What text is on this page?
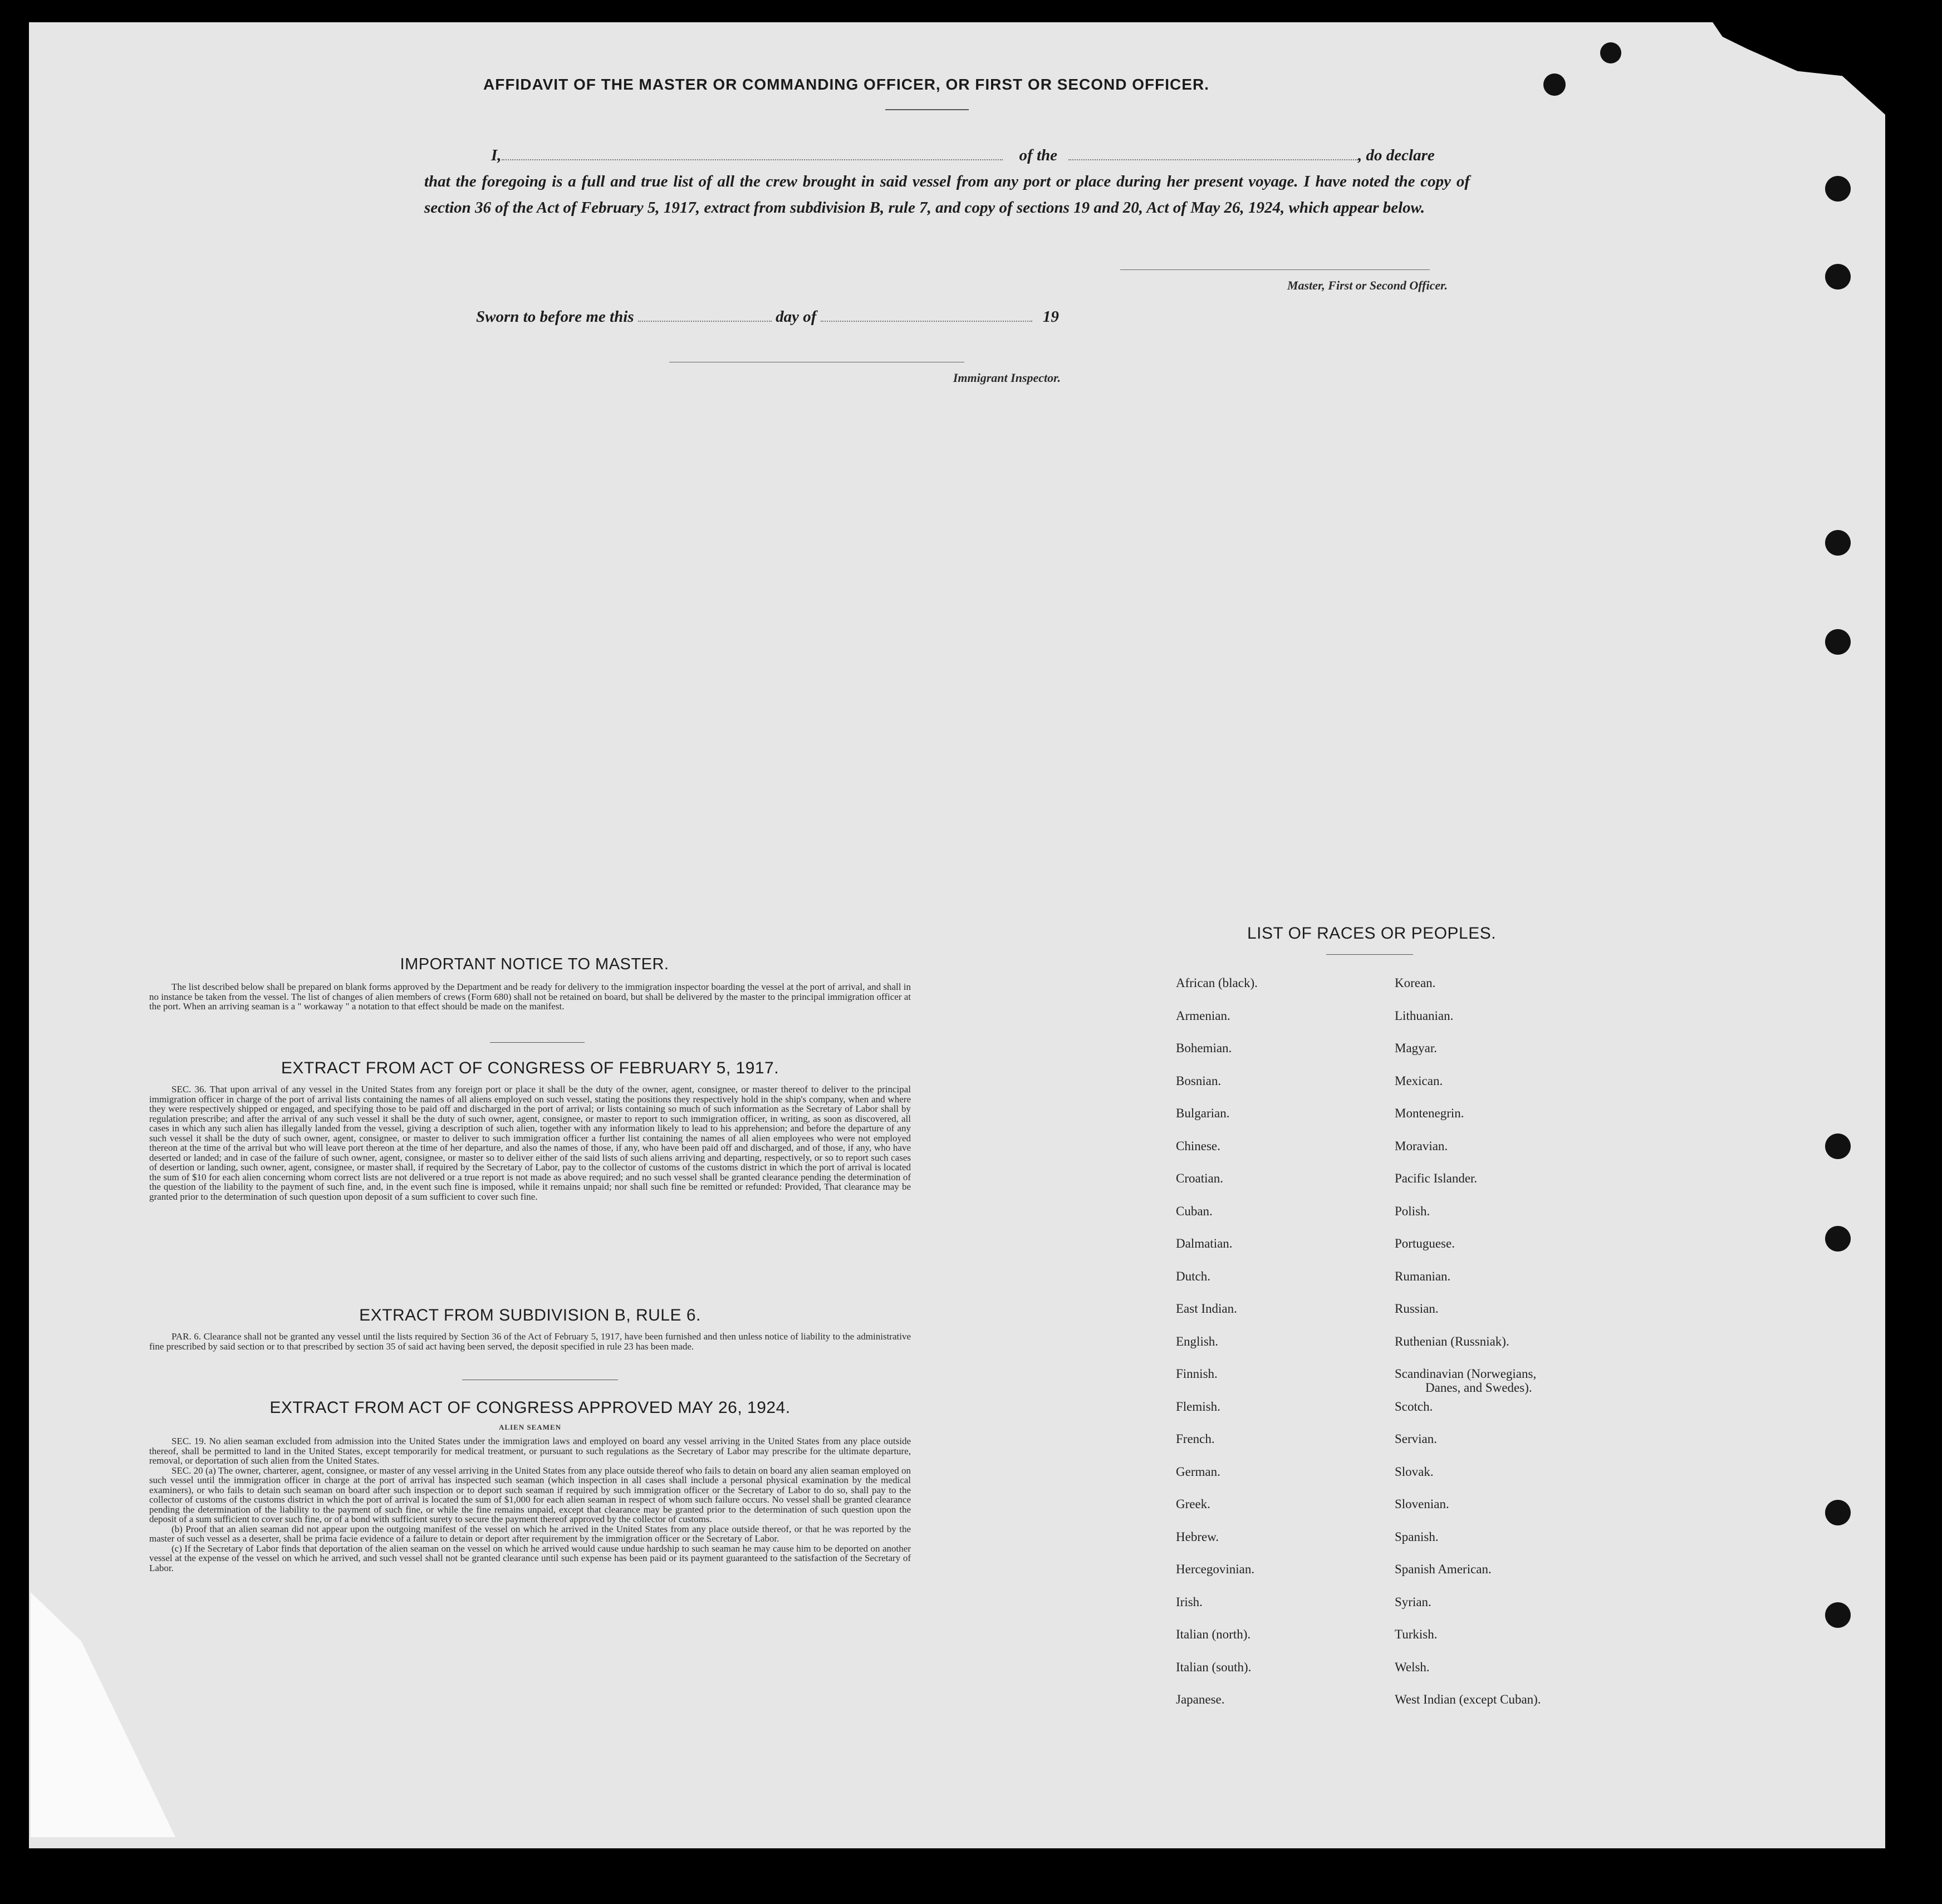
AFFIDAVIT OF THE MASTER OR COMMANDING OFFICER, OR FIRST OR SECOND OFFICER.
I,	of the	, do declare
that the foregoing is a full and true list of all the crew brought in said vessel from any port or place during her present voyage. I have noted the copy of section 36 of the Act of February 5, 1917, extract from subdivision B, rule 7, and copy of sections 19 and 20, Act of May 26, 1924, which appear below.
Master, First or Second Officer.
Sworn to before me this	day of	19
Immigrant Inspector.
IMPORTANT NOTICE TO MASTER.

The list described below shall be prepared on blank forms approved by the Department and be ready for delivery to the immigration inspector boarding the vessel at the port of arrival, and shall in no instance be taken from the vessel. The list of changes of alien members of crews (Form 680) shall not be retained on board, but shall be delivered by the master to the principal immigration officer at the port. When an arriving seaman is a " workaway " a notation to that effect should be made on the manifest.

EXTRACT FROM ACT OF CONGRESS OF FEBRUARY 5, 1917.

SEC. 36. That upon arrival of any vessel in the United States from any foreign port or place it shall be the duty of the owner, agent, consignee, or master thereof to deliver to the principal immigration officer in charge of the port of arrival lists containing the names of all aliens employed on such vessel, stating the positions they respectively hold in the ship's company, when and where they were respectively shipped or engaged, and specifying those to be paid off and discharged in the port of arrival; or lists containing so much of such information as the Secretary of Labor shall by regulation prescribe; and after the arrival of any such vessel it shall be the duty of such owner, agent, consignee, or master to report to such immigration officer, in writing, as soon as discovered, all cases in which any such alien has illegally landed from the vessel, giving a description of such alien, together with any information likely to lead to his apprehension; and before the departure of any such vessel it shall be the duty of such owner, agent, consignee, or master to deliver to such immigration officer a further list containing the names of all alien employees who were not employed thereon at the time of the arrival but who will leave port thereon at the time of her departure, and also the names of those, if any, who have been paid off and discharged, and of those, if any, who have deserted or landed; and in case of the failure of such owner, agent, consignee, or master so to deliver either of the said lists of such aliens arriving and departing, respectively, or so to report such cases of desertion or landing, such owner, agent, consignee, or master shall, if required by the Secretary of Labor, pay to the collector of customs of the customs district in which the port of arrival is located the sum of $10 for each alien concerning whom correct lists are not delivered or a true report is not made as above required; and no such vessel shall be granted clearance pending the determination of the question of the liability to the payment of such fine, and, in the event such fine is imposed, while it remains unpaid; nor shall such fine be remitted or refunded: Provided, That clearance may be granted prior to the determination of such question upon deposit of a sum sufficient to cover such fine.

EXTRACT FROM SUBDIVISION B, RULE 6.

PAR. 6. Clearance shall not be granted any vessel until the lists required by Section 36 of the Act of February 5, 1917, have been furnished and then unless notice of liability to the administrative fine prescribed by said section or to that prescribed by section 35 of said act having been served, the deposit specified in rule 23 has been made.

EXTRACT FROM ACT OF CONGRESS APPROVED MAY 26, 1924.
ALIEN SEAMEN

SEC. 19. No alien seaman excluded from admission into the United States under the immigration laws and employed on board any vessel arriving in the United States from any place outside thereof, shall be permitted to land in the United States, except temporarily for medical treatment, or pursuant to such regulations as the Secretary of Labor may prescribe for the ultimate departure, removal, or deportation of such alien from the United States.

SEC. 20 (a) The owner, charterer, agent, consignee, or master of any vessel arriving in the United States from any place outside thereof who fails to detain on board any alien seaman employed on such vessel until the immigration officer in charge at the port of arrival has inspected such seaman (which inspection in all cases shall include a personal physical examination by the medical examiners), or who fails to detain such seaman on board after such inspection or to deport such seaman if required by such immigration officer or the Secretary of Labor to do so, shall pay to the collector of customs of the customs district in which the port of arrival is located the sum of $1,000 for each alien seaman in respect of whom such failure occurs. No vessel shall be granted clearance pending the determination of the liability to the payment of such fine, or while the fine remains unpaid, except that clearance may be granted prior to the determination of such question upon the deposit of a sum sufficient to cover such fine, or of a bond with sufficient surety to secure the payment thereof approved by the collector of customs.

(b) Proof that an alien seaman did not appear upon the outgoing manifest of the vessel on which he arrived in the United States from any place outside thereof, or that he was reported by the master of such vessel as a deserter, shall be prima facie evidence of a failure to detain or deport after requirement by the immigration officer or the Secretary of Labor.

(c) If the Secretary of Labor finds that deportation of the alien seaman on the vessel on which he arrived would cause undue hardship to such seaman he may cause him to be deported on another vessel at the expense of the vessel on which he arrived, and such vessel shall not be granted clearance until such expense has been paid or its payment guaranteed to the satisfaction of the Secretary of Labor.

LIST OF RACES OR PEOPLES.
African (black).
Armenian.
Bohemian.
Bosnian.
Bulgarian.
Chinese.
Croatian.
Cuban.
Dalmatian.
Dutch.
East Indian.
English.
Finnish.
Flemish.
French.
German.
Greek.
Hebrew.
Hercegovinian.
Irish.
Italian (north).
Italian (south).
Japanese.
Korean.
Lithuanian.
Magyar.
Mexican.
Montenegrin.
Moravian.
Pacific Islander.
Polish.
Portuguese.
Rumanian.
Russian.
Ruthenian (Russniak).
Scandinavian (Norwegians,
Scotch.
Servian.
Slovak.
Slovenian.
Spanish.
Spanish American.
Syrian.
Turkish.
Welsh.
West Indian (except Cuban).
Danes, and Swedes).
